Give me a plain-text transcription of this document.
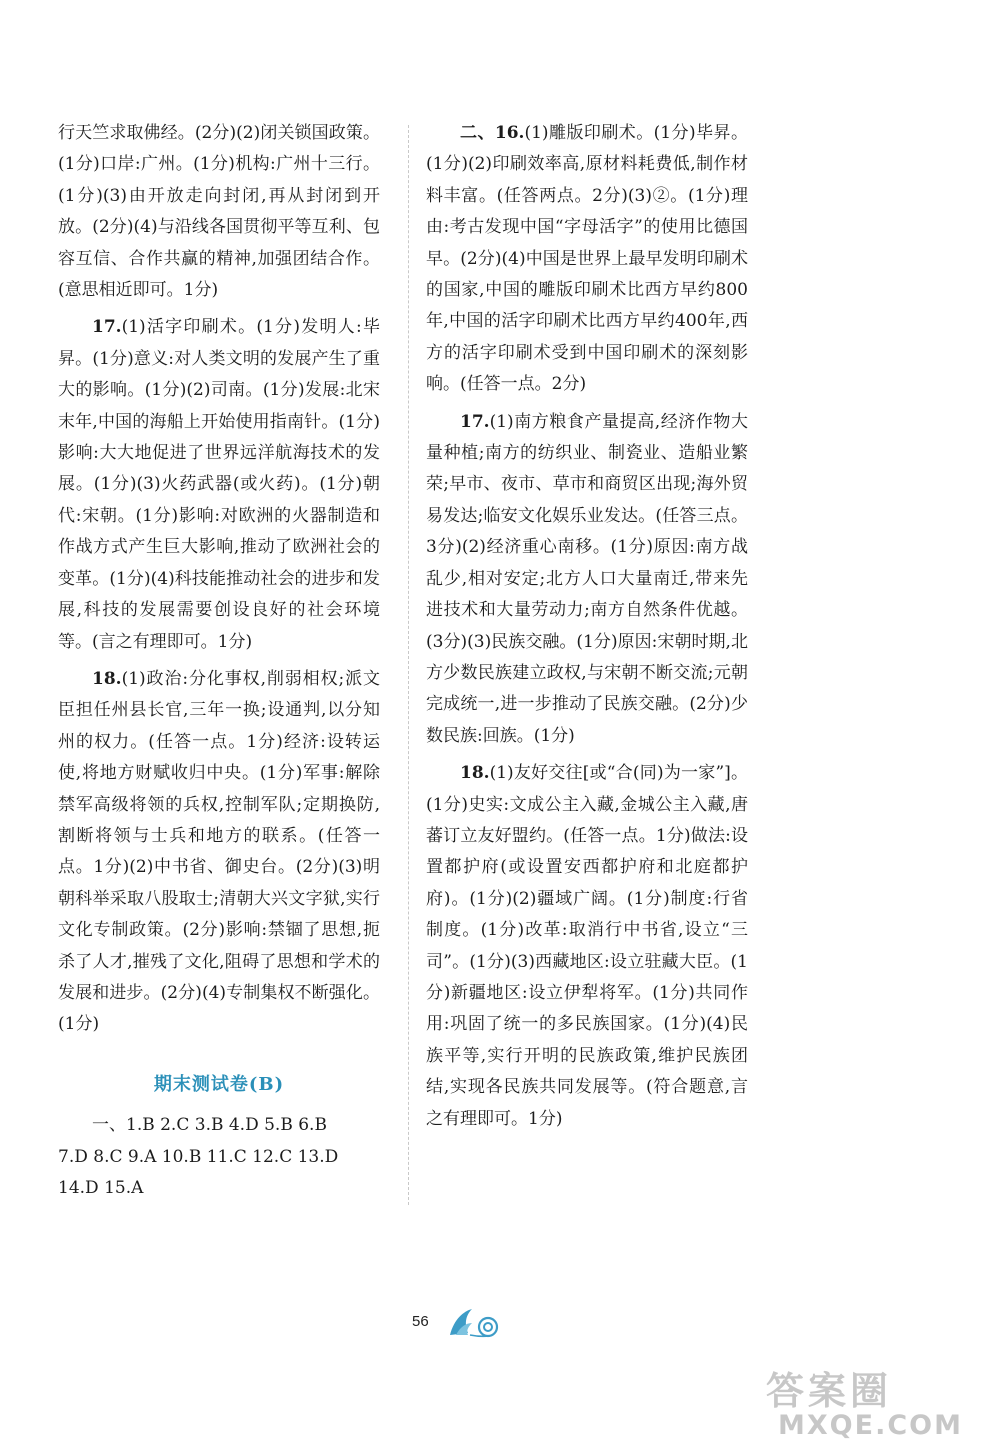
行天竺求取佛经。(2分)(2)闭关锁国政策。(1分)口岸:广州。(1分)机构:广州十三行。(1分)(3)由开放走向封闭,再从封闭到开放。(2分)(4)与沿线各国贯彻平等互利、包容互信、合作共赢的精神,加强团结合作。(意思相近即可。1分)

17.(1)活字印刷术。(1分)发明人:毕昇。(1分)意义:对人类文明的发展产生了重大的影响。(1分)(2)司南。(1分)发展:北宋末年,中国的海船上开始使用指南针。(1分)影响:大大地促进了世界远洋航海技术的发展。(1分)(3)火药武器(或火药)。(1分)朝代:宋朝。(1分)影响:对欧洲的火器制造和作战方式产生巨大影响,推动了欧洲社会的变革。(1分)(4)科技能推动社会的进步和发展,科技的发展需要创设良好的社会环境等。(言之有理即可。1分)

18.(1)政治:分化事权,削弱相权;派文臣担任州县长官,三年一换;设通判,以分知州的权力。(任答一点。1分)经济:设转运使,将地方财赋收归中央。(1分)军事:解除禁军高级将领的兵权,控制军队;定期换防,割断将领与士兵和地方的联系。(任答一点。1分)(2)中书省、御史台。(2分)(3)明朝科举采取八股取士;清朝大兴文字狱,实行文化专制政策。(2分)影响:禁锢了思想,扼杀了人才,摧残了文化,阻碍了思想和学术的发展和进步。(2分)(4)专制集权不断强化。(1分)

期末测试卷(B)

一、1.B 2.C 3.B 4.D 5.B 6.B

7.D 8.C 9.A 10.B 11.C 12.C 13.D

14.D 15.A

二、16.(1)雕版印刷术。(1分)毕昇。(1分)(2)印刷效率高,原材料耗费低,制作材料丰富。(任答两点。2分)(3)②。(1分)理由:考古发现中国“字母活字”的使用比德国早。(2分)(4)中国是世界上最早发明印刷术的国家,中国的雕版印刷术比西方早约800年,中国的活字印刷术比西方早约400年,西方的活字印刷术受到中国印刷术的深刻影响。(任答一点。2分)

17.(1)南方粮食产量提高,经济作物大量种植;南方的纺织业、制瓷业、造船业繁荣;早市、夜市、草市和商贸区出现;海外贸易发达;临安文化娱乐业发达。(任答三点。3分)(2)经济重心南移。(1分)原因:南方战乱少,相对安定;北方人口大量南迁,带来先进技术和大量劳动力;南方自然条件优越。(3分)(3)民族交融。(1分)原因:宋朝时期,北方少数民族建立政权,与宋朝不断交流;元朝完成统一,进一步推动了民族交融。(2分)少数民族:回族。(1分)

18.(1)友好交往[或“合(同)为一家”]。(1分)史实:文成公主入藏,金城公主入藏,唐蕃订立友好盟约。(任答一点。1分)做法:设置都护府(或设置安西都护府和北庭都护府)。(1分)(2)疆域广阔。(1分)制度:行省制度。(1分)改革:取消行中书省,设立“三司”。(1分)(3)西藏地区:设立驻藏大臣。(1分)新疆地区:设立伊犁将军。(1分)共同作用:巩固了统一的多民族国家。(1分)(4)民族平等,实行开明的民族政策,维护民族团结,实现各民族共同发展等。(符合题意,言之有理即可。1分)

56
答案圈
MXQE.COM
